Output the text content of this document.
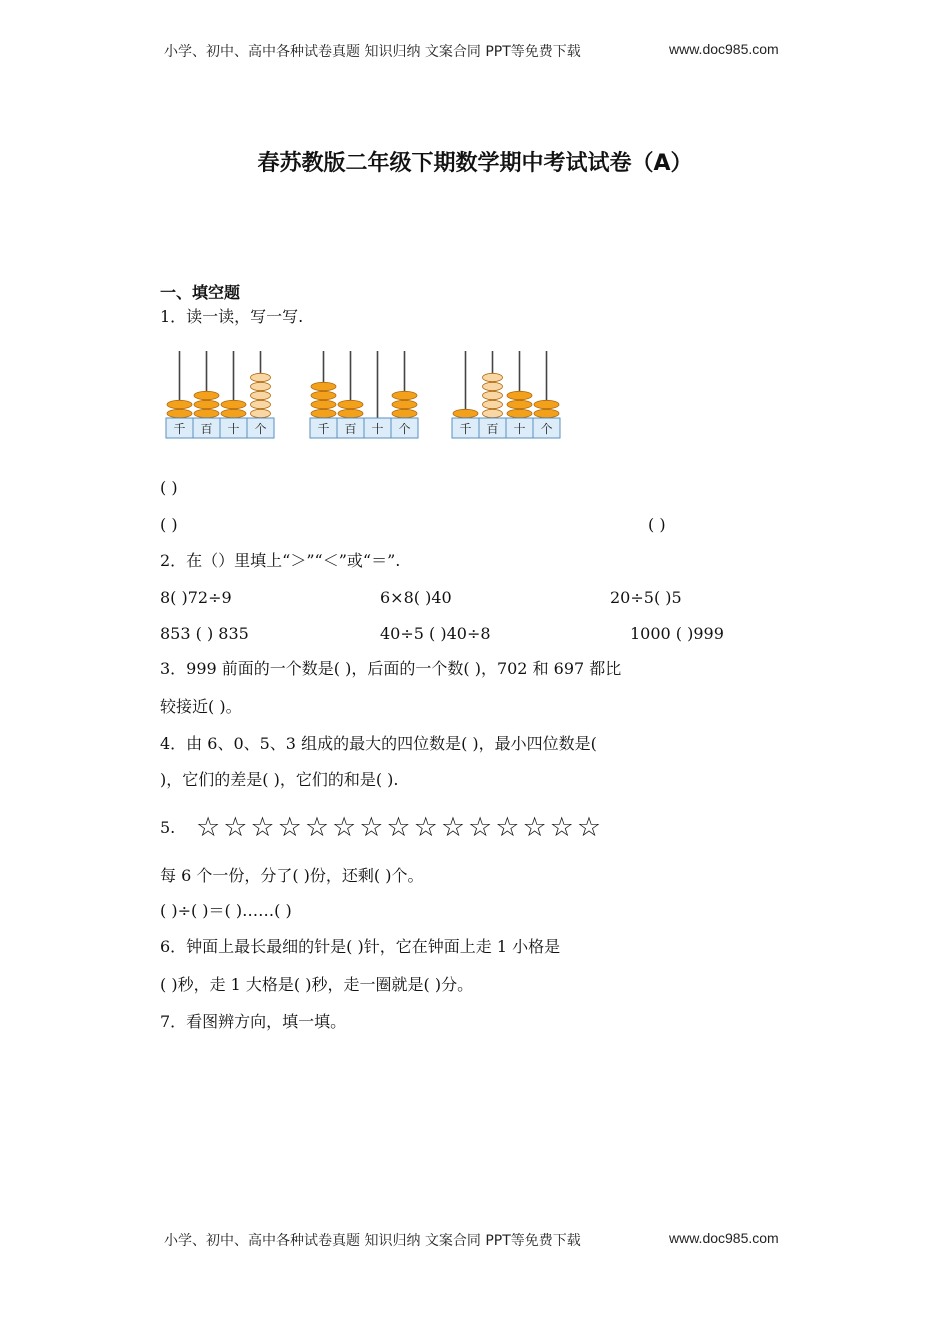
小学、初中、高中各种试卷真题 知识归纳 文案合同 PPT等免费下载	www.doc985.com
春苏教版二年级下期数学期中考试试卷（A）
一、填空题
1．读一读，写一写.
千 百 十 个	千 百 十 个	千 百 十 个
( )
( )	( )
2．在（）里填上“＞”“＜”或“＝”.
8( )72÷9	6×8( )40	20÷5( )5
853 ( ) 835	40÷5 ( )40÷8	1000 ( )999
3．999 前面的一个数是( )，后面的一个数( )，702 和 697 都比
较接近( )。
4．由 6、0、5、3 组成的最大的四位数是( )，最小四位数是(
)，它们的差是( )，它们的和是( ).
5. ☆☆☆☆☆☆☆☆☆☆☆☆☆☆☆
每 6 个一份，分了( )份，还剩( )个。
( )÷( )＝( )……( )
6．钟面上最长最细的针是( )针，它在钟面上走 1 小格是
( )秒，走 1 大格是( )秒，走一圈就是( )分。
7．看图辨方向，填一填。
小学、初中、高中各种试卷真题 知识归纳 文案合同 PPT等免费下载	www.doc985.com
